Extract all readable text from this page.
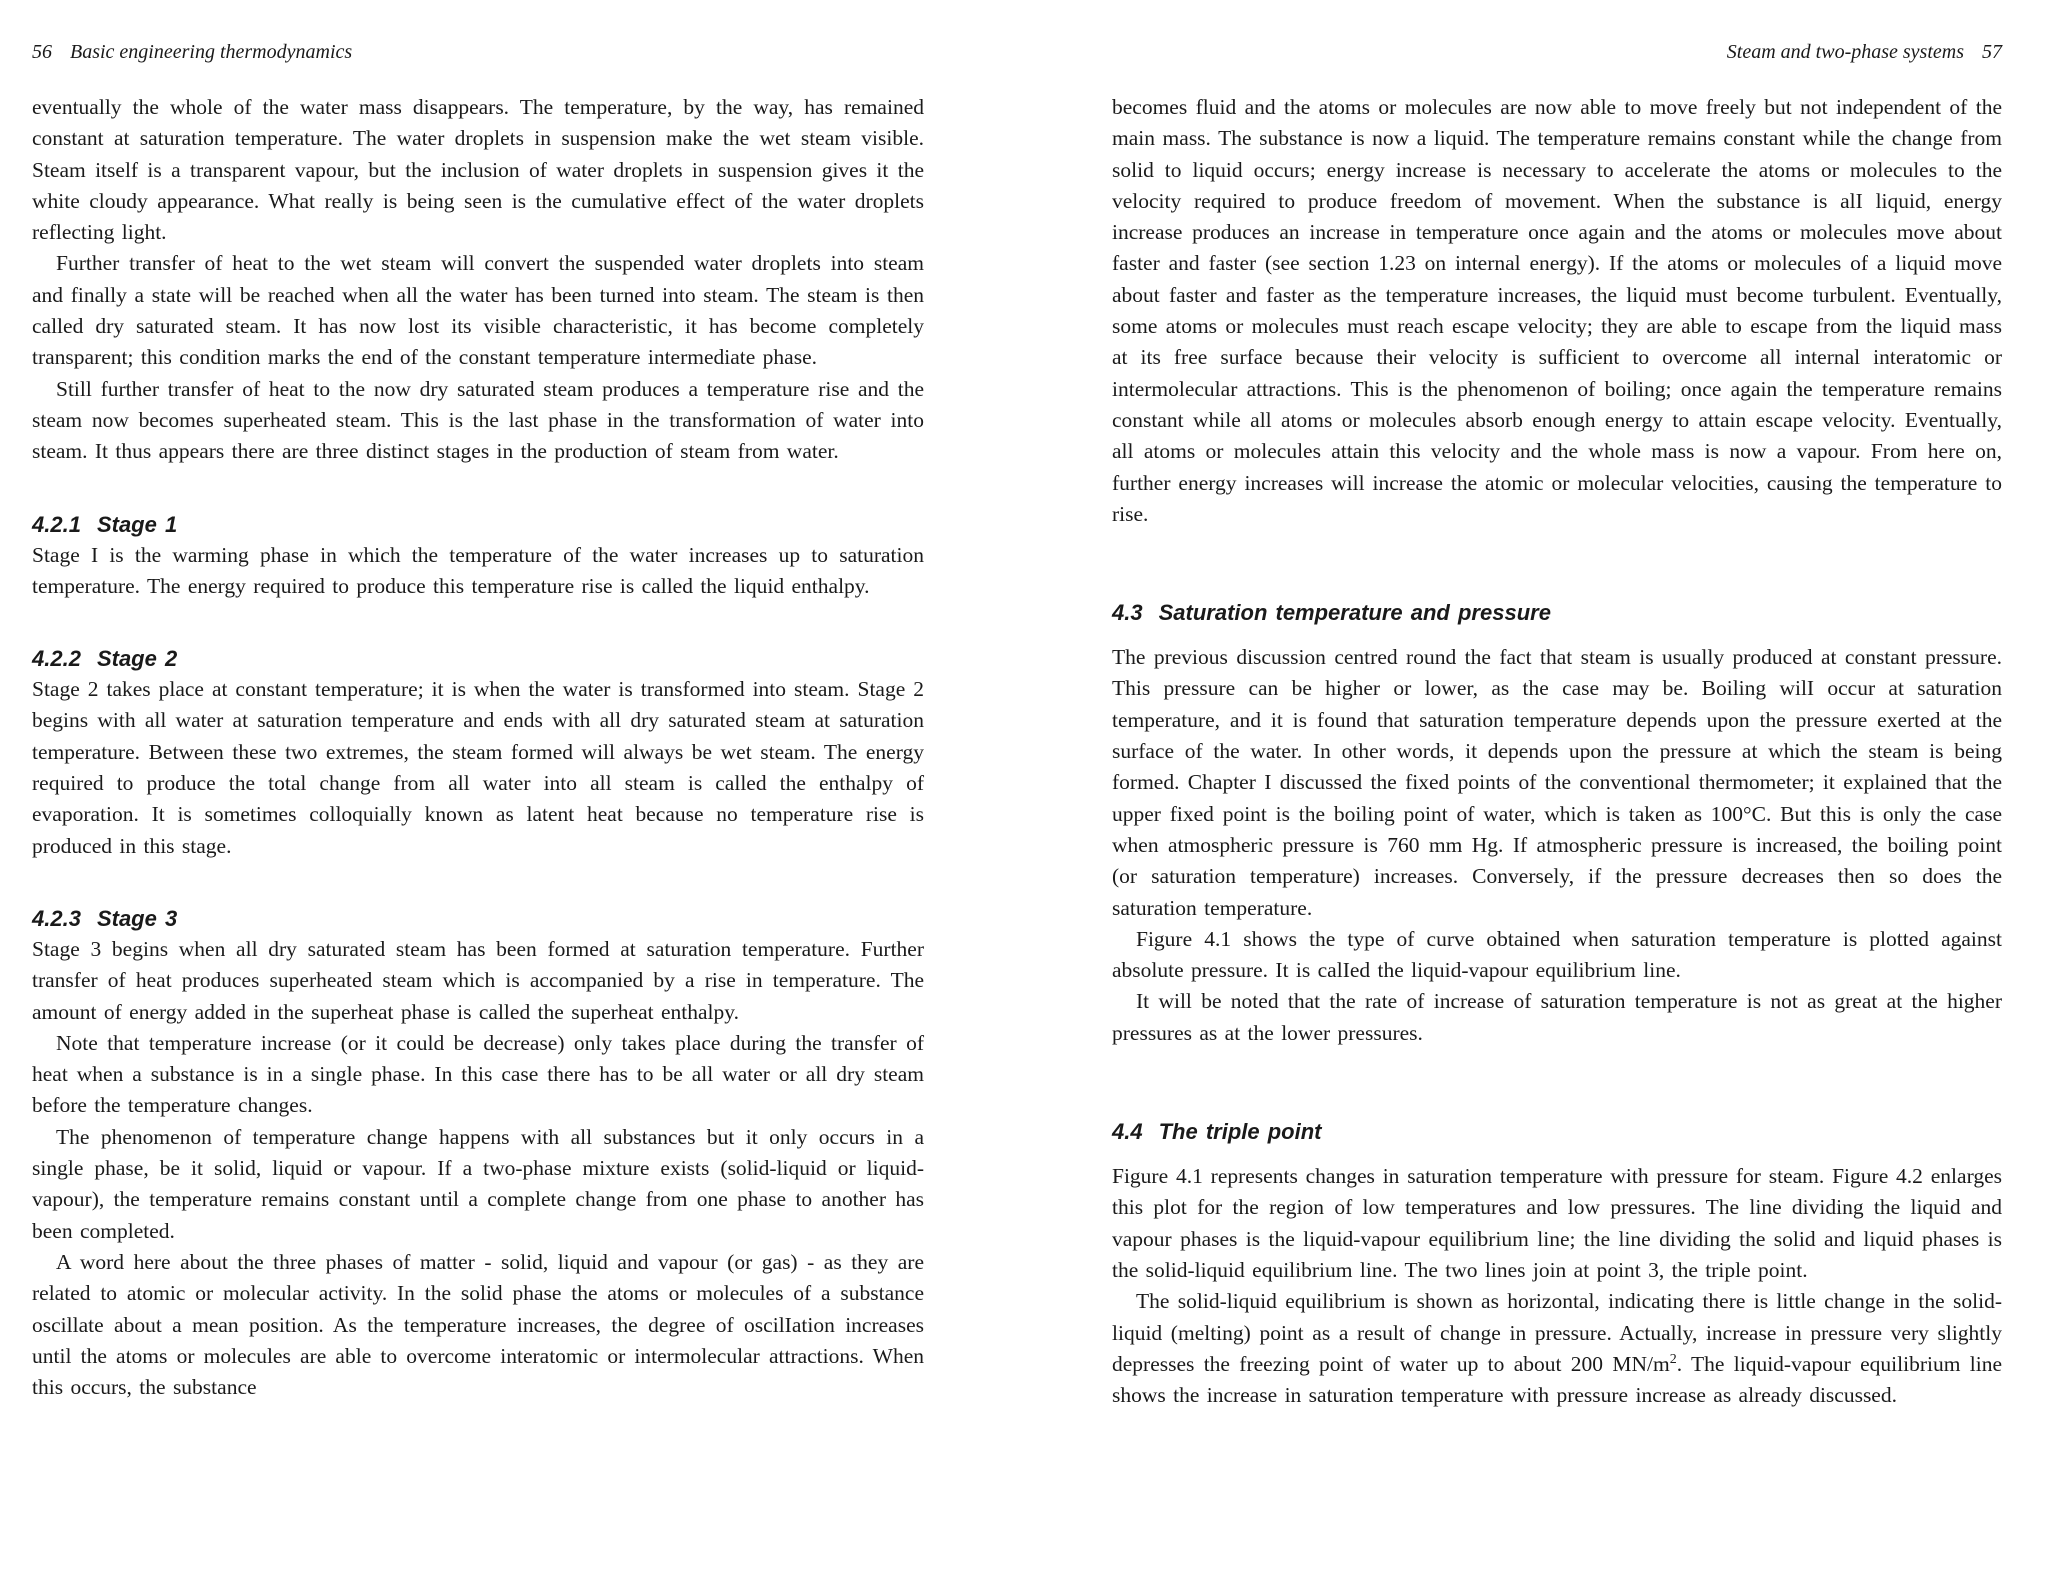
56 Basic engineering thermodynamics

eventually the whole of the water mass disappears. The temperature, by the way, has remained constant at saturation temperature. The water droplets in suspension make the wet steam visible. Steam itself is a transparent vapour, but the inclusion of water droplets in suspension gives it the white cloudy appearance. What really is being seen is the cumulative effect of the water droplets reflecting light.

Further transfer of heat to the wet steam will convert the suspended water droplets into steam and finally a state will be reached when all the water has been turned into steam. The steam is then called dry saturated steam. It has now lost its visible characteristic, it has become completely transparent; this condition marks the end of the constant temperature intermediate phase.

Still further transfer of heat to the now dry saturated steam produces a temperature rise and the steam now becomes superheated steam. This is the last phase in the transformation of water into steam. It thus appears there are three distinct stages in the production of steam from water.

4.2.1 Stage 1

Stage I is the warming phase in which the temperature of the water increases up to saturation temperature. The energy required to produce this temperature rise is called the liquid enthalpy.

4.2.2 Stage 2

Stage 2 takes place at constant temperature; it is when the water is transformed into steam. Stage 2 begins with all water at saturation temperature and ends with all dry saturated steam at saturation temperature. Between these two extremes, the steam formed will always be wet steam. The energy required to produce the total change from all water into all steam is called the enthalpy of evaporation. It is sometimes colloquially known as latent heat because no temperature rise is produced in this stage.

4.2.3 Stage 3

Stage 3 begins when all dry saturated steam has been formed at saturation temperature. Further transfer of heat produces superheated steam which is accompanied by a rise in temperature. The amount of energy added in the superheat phase is called the superheat enthalpy.

Note that temperature increase (or it could be decrease) only takes place during the transfer of heat when a substance is in a single phase. In this case there has to be all water or all dry steam before the temperature changes.

The phenomenon of temperature change happens with all substances but it only occurs in a single phase, be it solid, liquid or vapour. If a two-phase mixture exists (solid-liquid or liquid-vapour), the temperature remains constant until a complete change from one phase to another has been completed.

A word here about the three phases of matter - solid, liquid and vapour (or gas) - as they are related to atomic or molecular activity. In the solid phase the atoms or molecules of a substance oscillate about a mean position. As the temperature increases, the degree of oscilIation increases until the atoms or molecules are able to overcome interatomic or intermolecular attractions. When this occurs, the substance

Steam and two-phase systems 57

becomes fluid and the atoms or molecules are now able to move freely but not independent of the main mass. The substance is now a liquid. The temperature remains constant while the change from solid to liquid occurs; energy increase is necessary to accelerate the atoms or molecules to the velocity required to produce freedom of movement. When the substance is alI liquid, energy increase produces an increase in temperature once again and the atoms or molecules move about faster and faster (see section 1.23 on internal energy). If the atoms or molecules of a liquid move about faster and faster as the temperature increases, the liquid must become turbulent. Eventually, some atoms or molecules must reach escape velocity; they are able to escape from the liquid mass at its free surface because their velocity is sufficient to overcome all internal interatomic or intermolecular attractions. This is the phenomenon of boiling; once again the temperature remains constant while all atoms or molecules absorb enough energy to attain escape velocity. Eventually, all atoms or molecules attain this velocity and the whole mass is now a vapour. From here on, further energy increases will increase the atomic or molecular velocities, causing the temperature to rise.

4.3 Saturation temperature and pressure

The previous discussion centred round the fact that steam is usually produced at constant pressure. This pressure can be higher or lower, as the case may be. Boiling wilI occur at saturation temperature, and it is found that saturation temperature depends upon the pressure exerted at the surface of the water. In other words, it depends upon the pressure at which the steam is being formed. Chapter I discussed the fixed points of the conventional thermometer; it explained that the upper fixed point is the boiling point of water, which is taken as 100°C. But this is only the case when atmospheric pressure is 760 mm Hg. If atmospheric pressure is increased, the boiling point (or saturation temperature) increases. Conversely, if the pressure decreases then so does the saturation temperature.

Figure 4.1 shows the type of curve obtained when saturation temperature is plotted against absolute pressure. It is calIed the liquid-vapour equilibrium line.

It will be noted that the rate of increase of saturation temperature is not as great at the higher pressures as at the lower pressures.

4.4 The triple point

Figure 4.1 represents changes in saturation temperature with pressure for steam. Figure 4.2 enlarges this plot for the region of low temperatures and low pressures. The line dividing the liquid and vapour phases is the liquid-vapour equilibrium line; the line dividing the solid and liquid phases is the solid-liquid equilibrium line. The two lines join at point 3, the triple point.

The solid-liquid equilibrium is shown as horizontal, indicating there is little change in the solid-liquid (melting) point as a result of change in pressure. Actually, increase in pressure very slightly depresses the freezing point of water up to about 200 $MN/m^2$. The liquid-vapour equilibrium line shows the increase in saturation temperature with pressure increase as already discussed.
